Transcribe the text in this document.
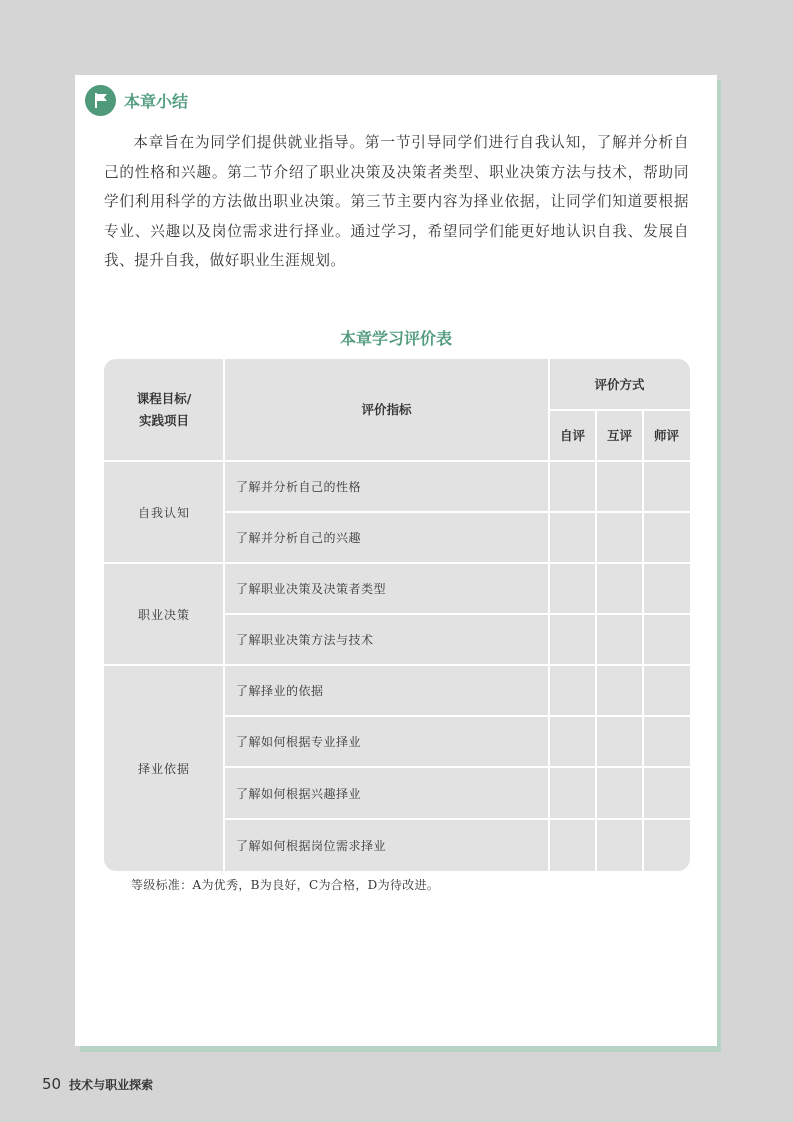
本章小结

本章旨在为同学们提供就业指导。第一节引导同学们进行自我认知，了解并分析自己的性格和兴趣。第二节介绍了职业决策及决策者类型、职业决策方法与技术，帮助同学们利用科学的方法做出职业决策。第三节主要内容为择业依据，让同学们知道要根据专业、兴趣以及岗位需求进行择业。通过学习，希望同学们能更好地认识自我、发展自我、提升自我，做好职业生涯规划。

本章学习评价表
课程目标/
实践项目
评价指标
评价方式
自评	互评	师评
自我认知
职业决策
择业依据
了解并分析自己的性格
了解并分析自己的兴趣
了解职业决策及决策者类型
了解职业决策方法与技术
了解择业的依据
了解如何根据专业择业
了解如何根据兴趣择业
了解如何根据岗位需求择业
等级标准：A为优秀，B为良好，C为合格，D为待改进。
50 技术与职业探索
